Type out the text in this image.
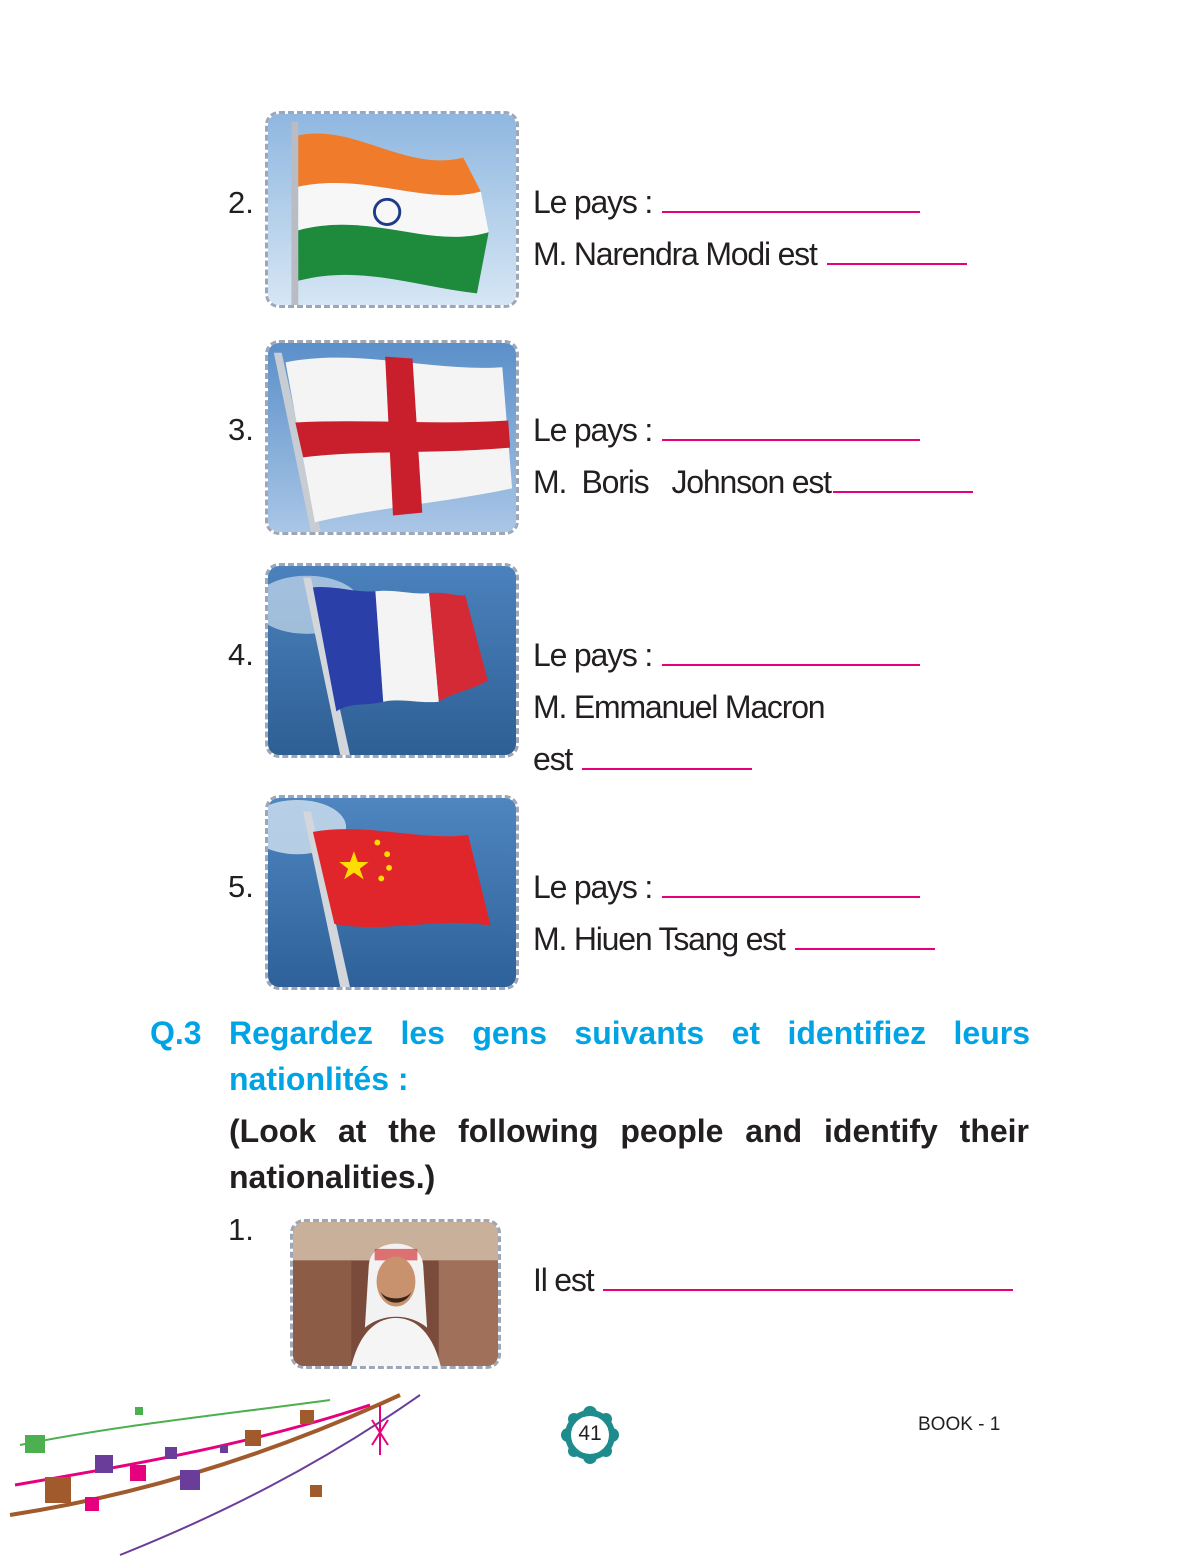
2.	Le pays :
M. Narendra Modi est
3.	Le pays :
M.  Boris   Johnson est
4.	Le pays :
M. Emmanuel Macron
est
5.	Le pays :
M. Hiuen Tsang est
Q.3 Regardez les gens suivants et identifiez leurs nationlités :
(Look at the following people and identify their nationalities.)
1.
Il est
41	BOOK - 1
